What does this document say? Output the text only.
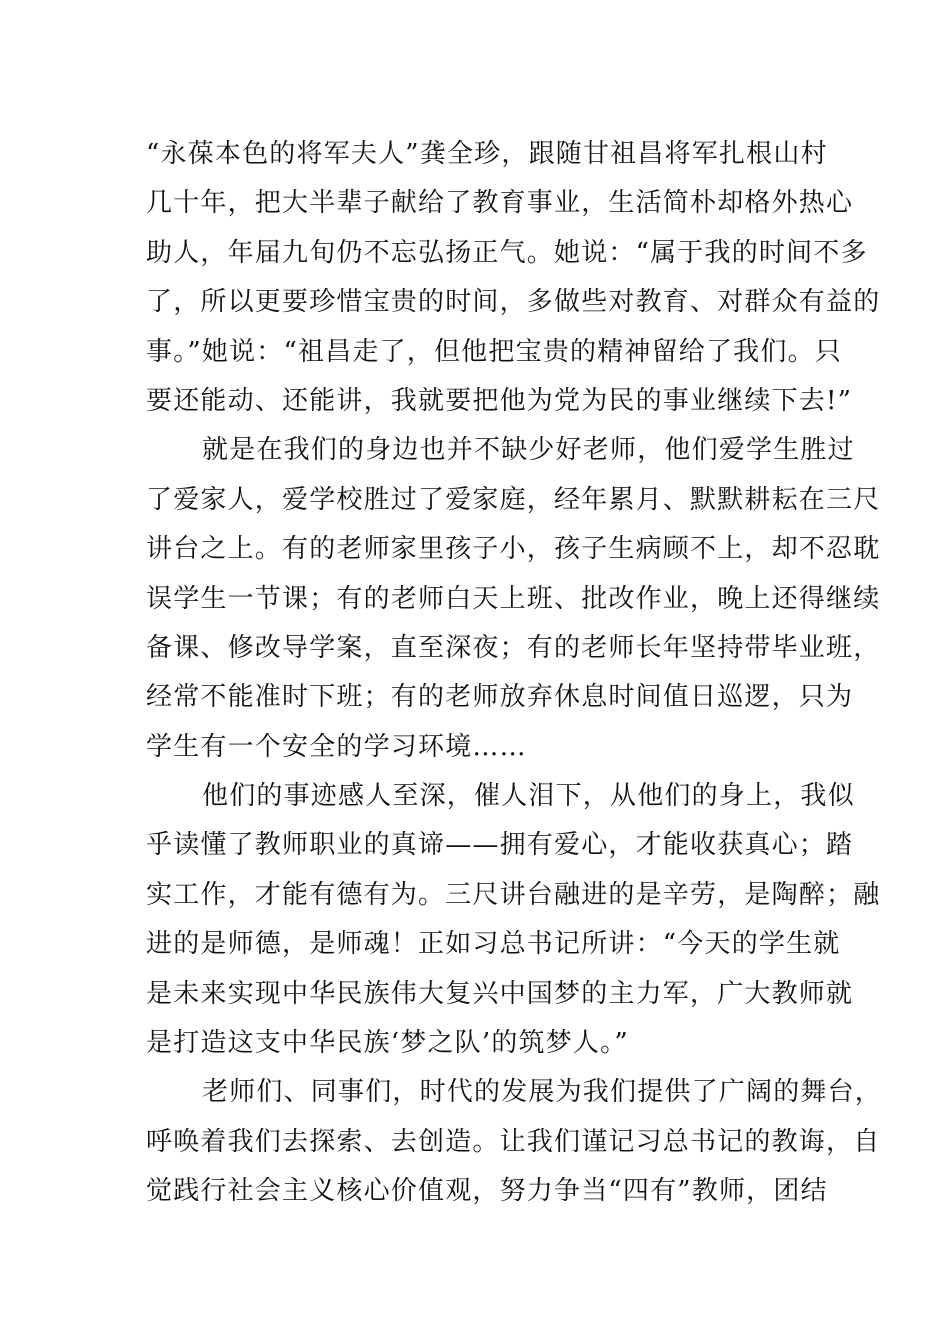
“永葆本色的将军夫人”龚全珍，跟随甘祖昌将军扎根山村
几十年，把大半辈子献给了教育事业，生活简朴却格外热心
助人，年届九旬仍不忘弘扬正气。她说：“属于我的时间不多
了，所以更要珍惜宝贵的时间，多做些对教育、对群众有益的
事。”她说：“祖昌走了，但他把宝贵的精神留给了我们。只
要还能动、还能讲，我就要把他为党为民的事业继续下去!”
就是在我们的身边也并不缺少好老师，他们爱学生胜过
了爱家人，爱学校胜过了爱家庭，经年累月、默默耕耘在三尺
讲台之上。有的老师家里孩子小，孩子生病顾不上，却不忍耽
误学生一节课；有的老师白天上班、批改作业，晚上还得继续
备课、修改导学案，直至深夜；有的老师长年坚持带毕业班，
经常不能准时下班；有的老师放弃休息时间值日巡逻，只为
学生有一个安全的学习环境……
他们的事迹感人至深，催人泪下，从他们的身上，我似
乎读懂了教师职业的真谛——拥有爱心，才能收获真心；踏
实工作，才能有德有为。三尺讲台融进的是辛劳，是陶醉；融
进的是师德，是师魂！正如习总书记所讲：“今天的学生就
是未来实现中华民族伟大复兴中国梦的主力军，广大教师就
是打造这支中华民族‘梦之队’的筑梦人。”
老师们、同事们，时代的发展为我们提供了广阔的舞台，
呼唤着我们去探索、去创造。让我们谨记习总书记的教诲，自
觉践行社会主义核心价值观，努力争当“四有”教师，团结
